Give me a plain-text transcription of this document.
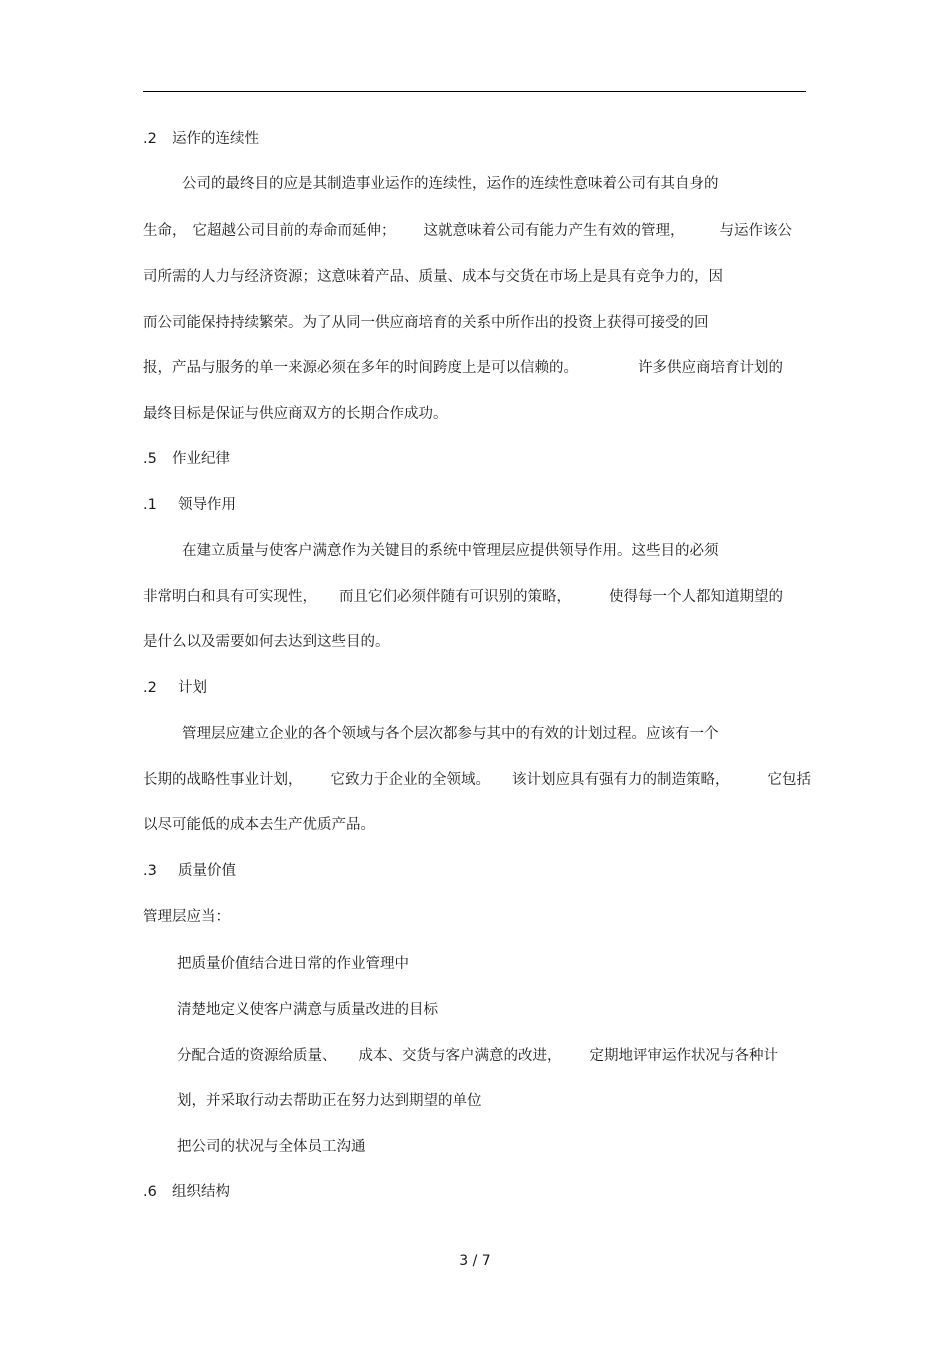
.2 运作的连续性
公司的最终目的应是其制造事业运作的连续性，运作的连续性意味着公司有其自身的
生命， 它超越公司目前的寿命而延伸； 这就意味着公司有能力产生有效的管理， 与运作该公
司所需的人力与经济资源；这意味着产品、质量、成本与交货在市场上是具有竞争力的，因
而公司能保持持续繁荣。为了从同一供应商培育的关系中所作出的投资上获得可接受的回
报，产品与服务的单一来源必须在多年的时间跨度上是可以信赖的。	许多供应商培育计划的
最终目标是保证与供应商双方的长期合作成功。
.5 作业纪律
.1 领导作用
在建立质量与使客户满意作为关键目的系统中管理层应提供领导作用。这些目的必须
非常明白和具有可实现性， 而且它们必须伴随有可识别的策略，	使得每一个人都知道期望的
是什么以及需要如何去达到这些目的。
.2 计划
管理层应建立企业的各个领域与各个层次都参与其中的有效的计划过程。应该有一个
长期的战略性事业计划， 它致力于企业的全领域。 该计划应具有强有力的制造策略，	它包括
以尽可能低的成本去生产优质产品。
.3 质量价值
管理层应当：
把质量价值结合进日常的作业管理中
清楚地定义使客户满意与质量改进的目标
分配合适的资源给质量、 成本、交货与客户满意的改进， 定期地评审运作状况与各种计
划，并采取行动去帮助正在努力达到期望的单位
把公司的状况与全体员工沟通
.6 组织结构
3 / 7
